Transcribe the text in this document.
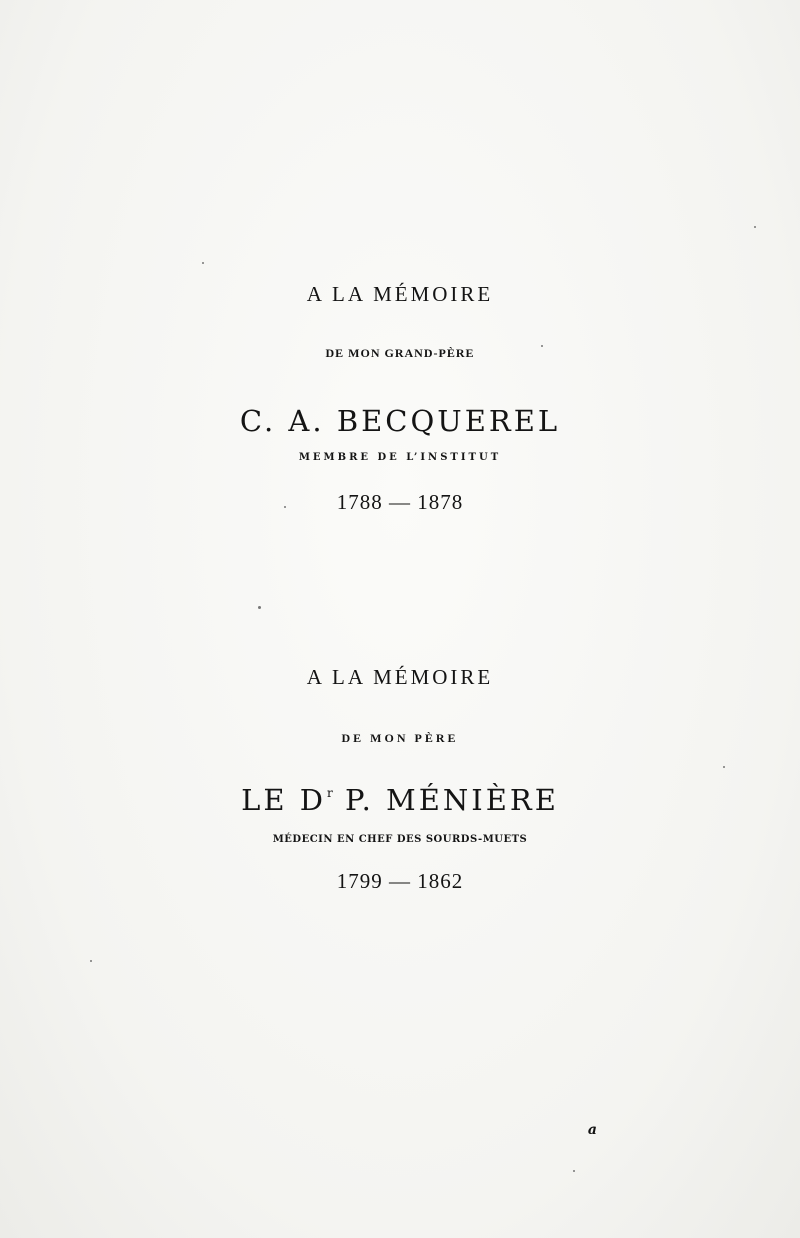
A LA MÉMOIRE
DE MON GRAND-PÈRE
C. A. BECQUEREL
MEMBRE DE L’INSTITUT
1788 — 1878
A LA MÉMOIRE
DE MON PÈRE
LE $D^r$ P. MÉNIÈRE
MÉDECIN EN CHEF DES SOURDS-MUETS
1799 — 1862
a
